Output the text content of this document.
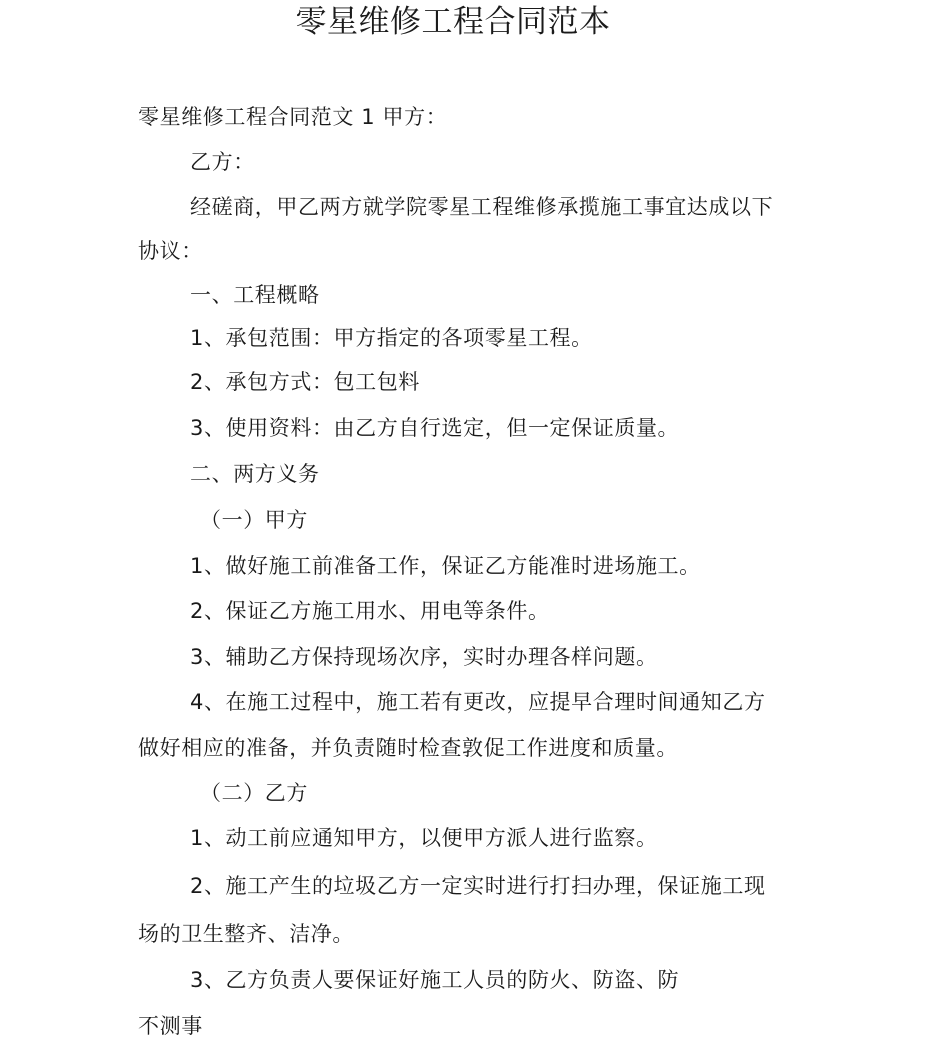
零星维修工程合同范本

零星维修工程合同范文 1 甲方：

乙方：

经磋商，甲乙两方就学院零星工程维修承揽施工事宜达成以下

协议：

一、工程概略

1、承包范围：甲方指定的各项零星工程。

2、承包方式：包工包料

3、使用资料：由乙方自行选定，但一定保证质量。

二、两方义务

（一）甲方

1、做好施工前准备工作，保证乙方能准时进场施工。

2、保证乙方施工用水、用电等条件。

3、辅助乙方保持现场次序，实时办理各样问题。

4、在施工过程中，施工若有更改，应提早合理时间通知乙方

做好相应的准备，并负责随时检查敦促工作进度和质量。

（二）乙方

1、动工前应通知甲方，以便甲方派人进行监察。

2、施工产生的垃圾乙方一定实时进行打扫办理，保证施工现

场的卫生整齐、洁净。

3、乙方负责人要保证好施工人员的防火、防盗、防

不测事
